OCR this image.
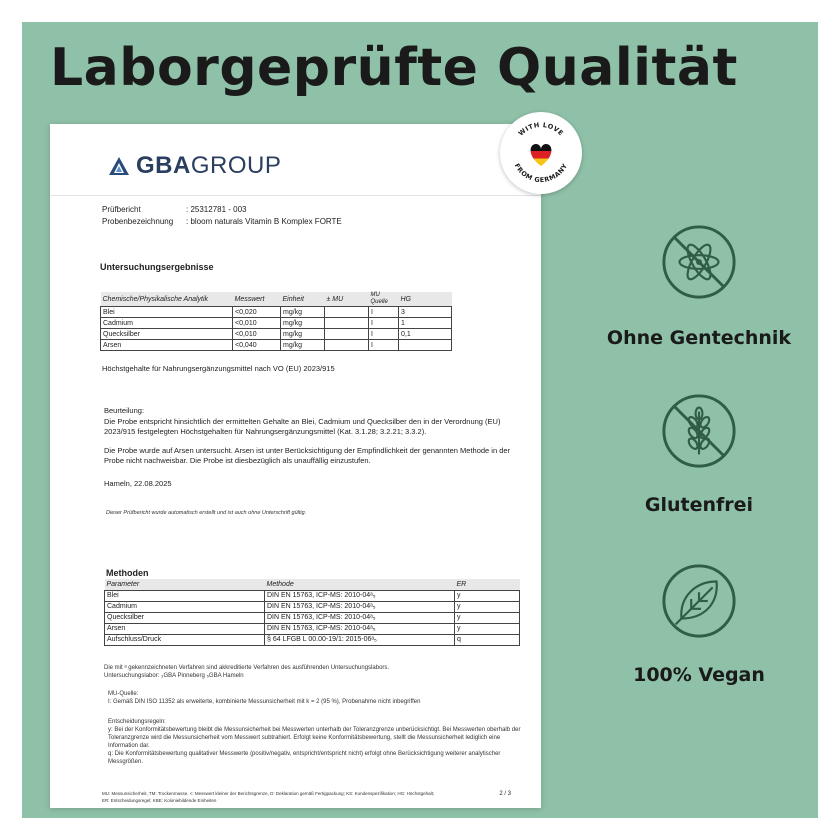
Laborgeprüfte Qualität
GBAGROUP
Prüfbericht	: 25312781 - 003
Probenbezeichnung	: bloom naturals Vitamin B Komplex FORTE
Untersuchungsergebnisse
Chemische/Physikalische Analytik	Messwert	Einheit	± MU	MU Quelle	HG
Blei	<0,020	mg/kg		I	3
Cadmium	<0,010	mg/kg		I	1
Quecksilber	<0,010	mg/kg		I	0,1
Arsen	<0,040	mg/kg		I	
Höchstgehalte für Nahrungsergänzungsmittel nach VO (EU) 2023/915
Beurteilung:
Die Probe entspricht hinsichtlich der ermittelten Gehalte an Blei, Cadmium und Quecksilber den in der Verordnung (EU) 2023/915 festgelegten Höchstgehalten für Nahrungsergänzungsmittel (Kat. 3.1.28; 3.2.21; 3.3.2).
Die Probe wurde auf Arsen untersucht. Arsen ist unter Berücksichtigung der Empfindlichkeit der genannten Methode in der Probe nicht nachweisbar. Die Probe ist diesbezüglich als unauffällig einzustufen.
Hameln, 22.08.2025
Dieser Prüfbericht wurde automatisch erstellt und ist auch ohne Unterschrift gültig.
Methoden
Parameter	Methode	ER
Blei	DIN EN 15763, ICP-MS: 2010-04ᵃ₅	y
Cadmium	DIN EN 15763, ICP-MS: 2010-04ᵃ₅	y
Quecksilber	DIN EN 15763, ICP-MS: 2010-04ᵃ₅	y
Arsen	DIN EN 15763, ICP-MS: 2010-04ᵃ₅	y
Aufschluss/Druck	§ 64 LFGB L 00.00-19/1: 2015-06ᵃ₅	q
Die mit ᵃ gekennzeichneten Verfahren sind akkreditierte Verfahren des ausführenden Untersuchungslabors.
Untersuchungslabor: ₃GBA Pinneberg ₅GBA Hameln
MU-Quelle:
I: Gemäß DIN ISO 11352 als erweiterte, kombinierte Messunsicherheit mit k = 2 (95 %), Probenahme nicht inbegriffen
Entscheidungsregeln:
y: Bei der Konformitätsbewertung bleibt die Messunsicherheit bei Messwerten unterhalb der Toleranzgrenze unberücksichtigt. Bei Messwerten oberhalb der Toleranzgrenze wird die Messunsicherheit vom Messwert subtrahiert. Erfolgt keine Konformitätsbewertung, stellt die Messunsicherheit lediglich eine Information dar.
q: Die Konformitätsbewertung qualitativer Messwerte (positiv/negativ, entspricht/entspricht nicht) erfolgt ohne Berücksichtigung weiterer analytischer Messgrößen.
MU: Messunsicherheit, TM: Trockenmasse, <: Messwert kleiner der Berichtsgrenze, D: Deklaration gemäß Fertigpackung; KS: Kundenspezifikation; HG: Höchstgehalt;
ER: Entscheidungsregel; KBE: Koloniebildende Einheiten
2 / 3
WITH LOVE
FROM GERMANY
Ohne Gentechnik
Glutenfrei
100% Vegan
